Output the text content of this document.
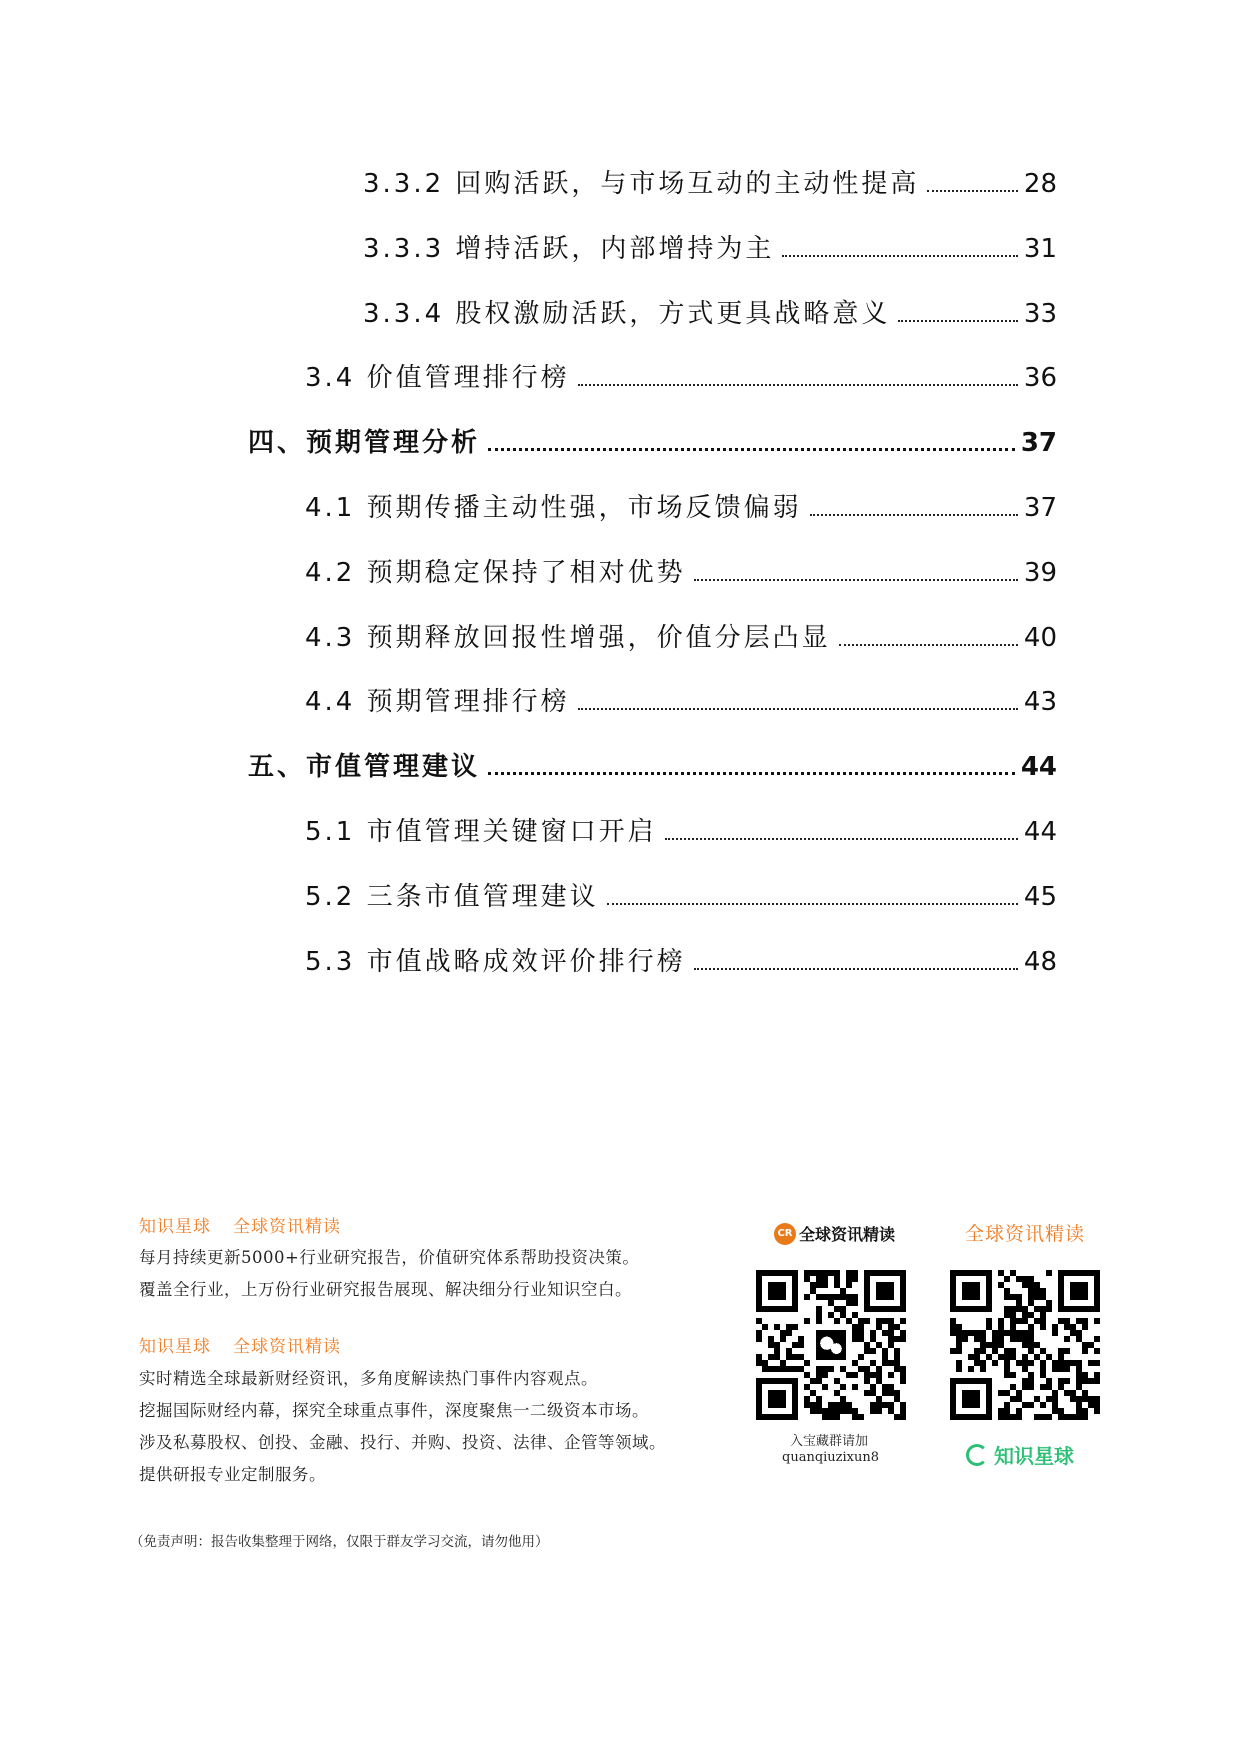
3.3.2 回购活跃，与市场互动的主动性提高	28
3.3.3 增持活跃，内部增持为主	31
3.3.4 股权激励活跃，方式更具战略意义	33
3.4 价值管理排行榜	36
四、预期管理分析	37
4.1 预期传播主动性强，市场反馈偏弱	37
4.2 预期稳定保持了相对优势	39
4.3 预期释放回报性增强，价值分层凸显	40
4.4 预期管理排行榜	43
五、市值管理建议	44
5.1 市值管理关键窗口开启	44
5.2 三条市值管理建议	45
5.3 市值战略成效评价排行榜	48
知识星球 全球资讯精读
每月持续更新5000+行业研究报告，价值研究体系帮助投资决策。
覆盖全行业，上万份行业研究报告展现、解决细分行业知识空白。
知识星球 全球资讯精读
实时精选全球最新财经资讯，多角度解读热门事件内容观点。
挖掘国际财经内幕，探究全球重点事件，深度聚焦一二级资本市场。
涉及私募股权、创投、金融、投行、并购、投资、法律、企管等领域。
提供研报专业定制服务。
CR 全球资讯精读
入宝藏群请加
quanqiuzixun8
全球资讯精读
知识星球
（免责声明：报告收集整理于网络，仅限于群友学习交流，请勿他用）
